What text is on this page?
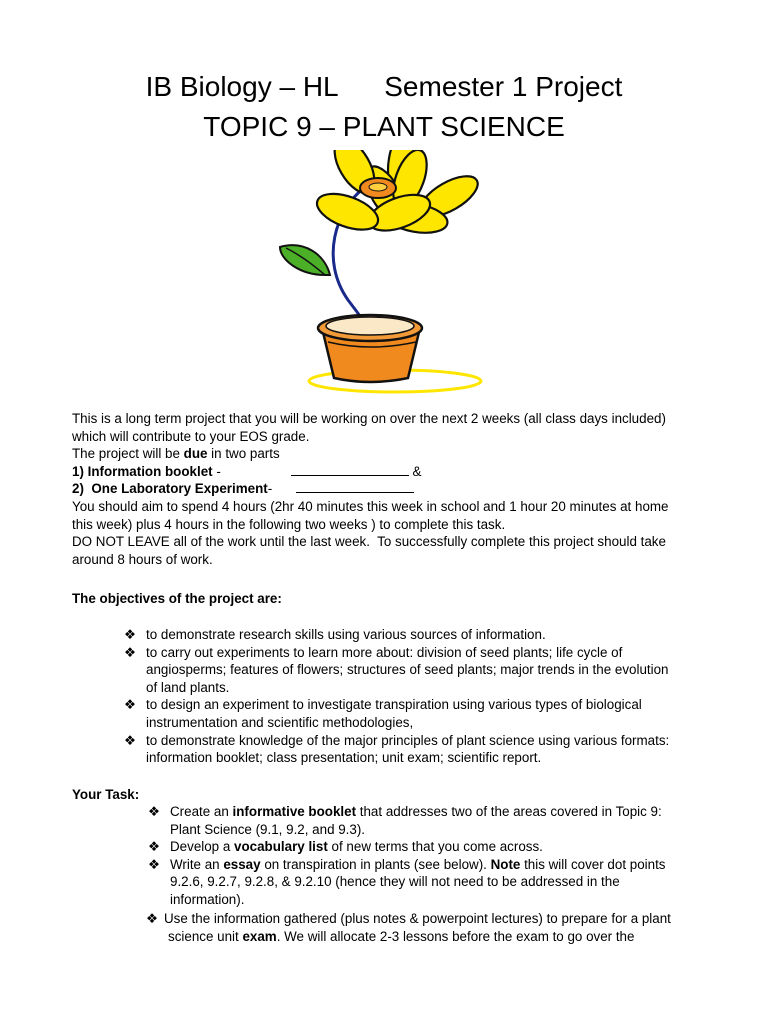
IB Biology – HL      Semester 1 Project
TOPIC 9 – PLANT SCIENCE
This is a long term project that you will be working on over the next 2 weeks (all class days included)
which will contribute to your EOS grade.
The project will be due in two parts
1) Information booklet -	&
2)  One Laboratory Experiment-
You should aim to spend 4 hours (2hr 40 minutes this week in school and 1 hour 20 minutes at home
this week) plus 4 hours in the following two weeks ) to complete this task.
DO NOT LEAVE all of the work until the last week.  To successfully complete this project should take
around 8 hours of work.
The objectives of the project are:
❖ to demonstrate research skills using various sources of information.
❖ to carry out experiments to learn more about: division of seed plants; life cycle of
angiosperms; features of flowers; structures of seed plants; major trends in the evolution
of land plants.
❖ to design an experiment to investigate transpiration using various types of biological
instrumentation and scientific methodologies,
❖ to demonstrate knowledge of the major principles of plant science using various formats:
information booklet; class presentation; unit exam; scientific report.
Your Task:
❖ Create an informative booklet that addresses two of the areas covered in Topic 9:
Plant Science (9.1, 9.2, and 9.3).
❖ Develop a vocabulary list of new terms that you come across.
❖ Write an essay on transpiration in plants (see below). Note this will cover dot points
9.2.6, 9.2.7, 9.2.8, & 9.2.10 (hence they will not need to be addressed in the
information).
❖ Use the information gathered (plus notes & powerpoint lectures) to prepare for a plant
science unit exam. We will allocate 2-3 lessons before the exam to go over the
